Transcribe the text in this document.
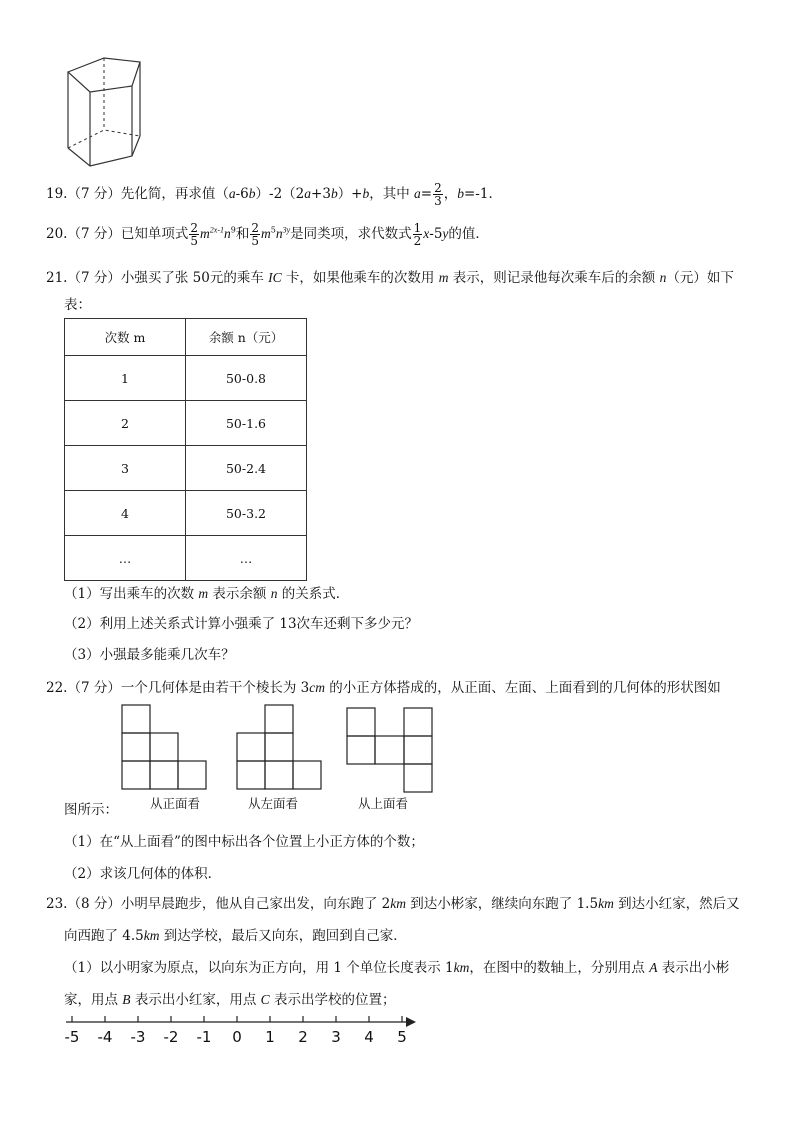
19.（7 分）先化简，再求值（a-6b）-2（2a+3b）+b，其中 $a= \frac{2}{3}$ ，b=-1．
20.（7 分）已知单项式 $\frac{2}{5} m^{2x-1}n^9$和 $\frac{2}{5} m^5n^{3y}$是同类项，求代数式 $\frac{1}{2} x-5y$的值．
21.（7 分）小强买了张 50元的乘车 IC 卡，如果他乘车的次数用 m 表示，则记录他每次乘车后的余额 n（元）如下
表：
次数 m	余额 n（元）
1	50-0.8
2	50-1.6
3	50-2.4
4	50-3.2
…	…
（1）写出乘车的次数 m 表示余额 n 的关系式．
（2）利用上述关系式计算小强乘了 13次车还剩下多少元？
（3）小强最多能乘几次车？
22.（7 分）一个几何体是由若干个棱长为 3cm 的小正方体搭成的，从正面、左面、上面看到的几何体的形状图如
图所示：	从正面看	从左面看	从上面看
（1）在“从上面看”的图中标出各个位置上小正方体的个数；
（2）求该几何体的体积．
23.（8 分）小明早晨跑步，他从自己家出发，向东跑了 2km 到达小彬家，继续向东跑了 1.5km 到达小红家，然后又
向西跑了 4.5km 到达学校，最后又向东，跑回到自己家．
（1）以小明家为原点，以向东为正方向，用 1 个单位长度表示 1km，在图中的数轴上，分别用点 A 表示出小彬
家，用点 B 表示出小红家，用点 C 表示出学校的位置；
-5 -4 -3 -2 -1 0 1 2 3 4 5
